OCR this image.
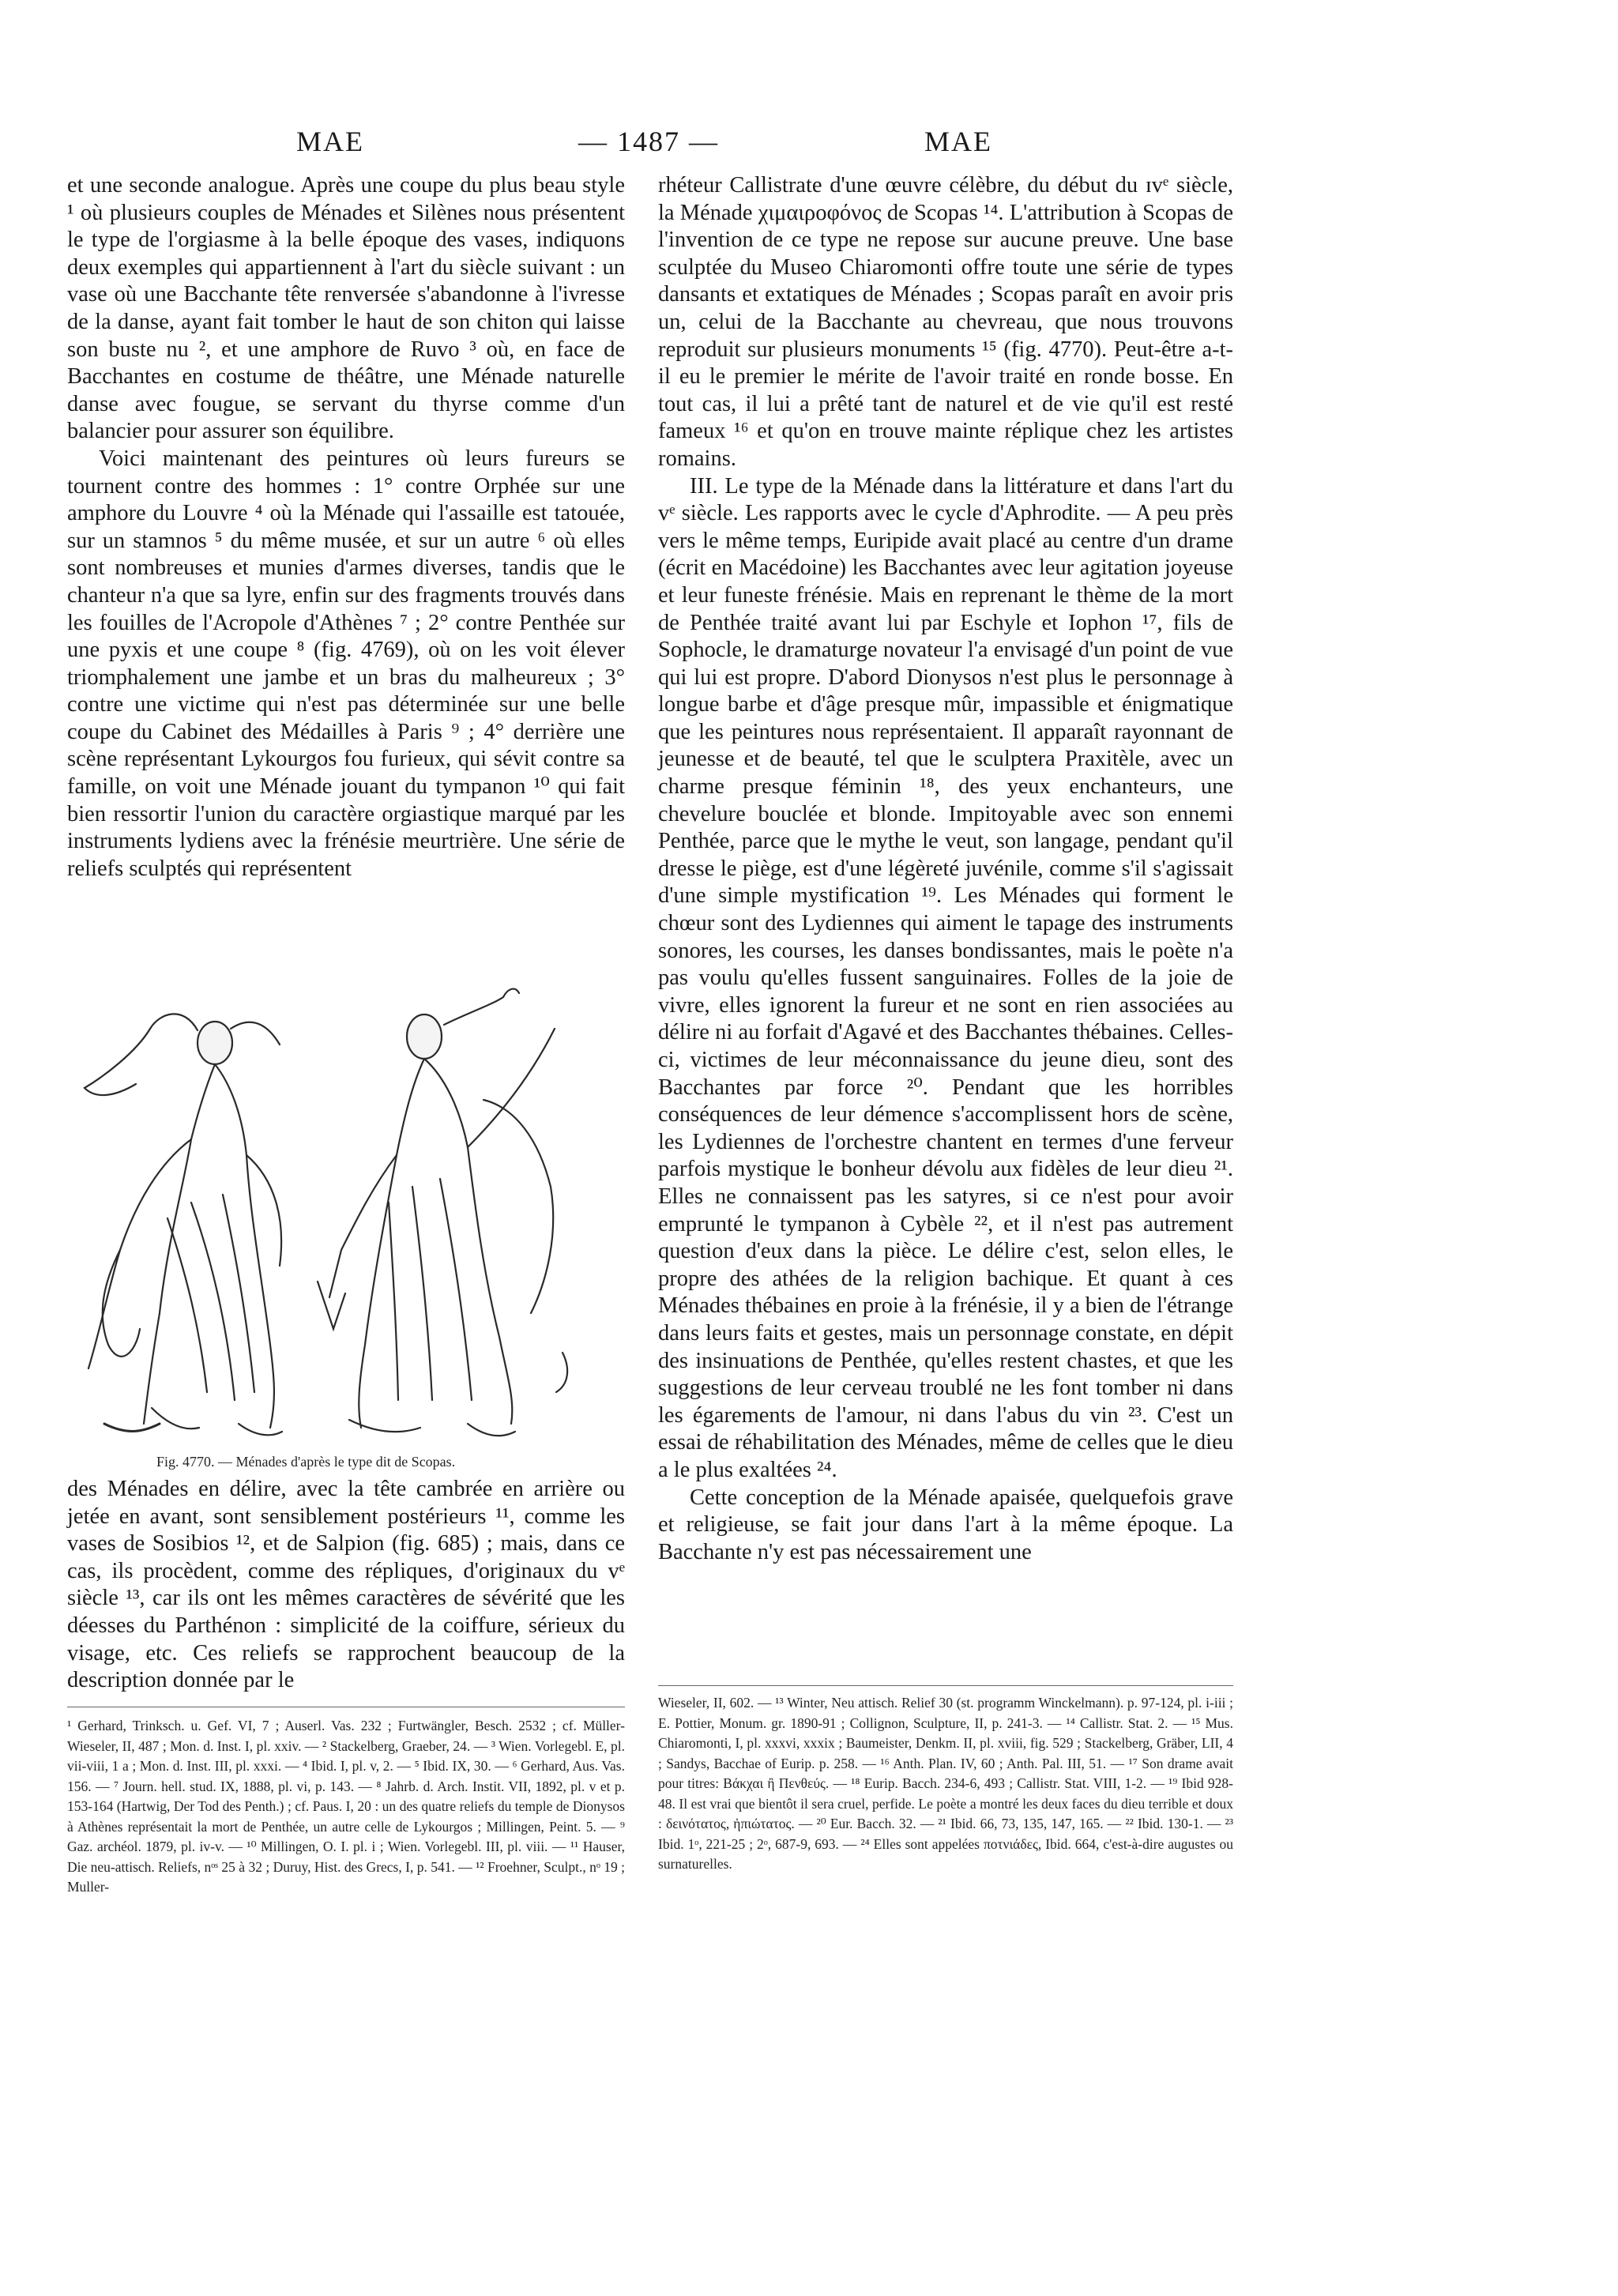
MAE	— 1487 —	MAE

et une seconde analogue. Après une coupe du plus beau style ¹ où plusieurs couples de Ménades et Silènes nous présentent le type de l'orgiasme à la belle époque des vases, indiquons deux exemples qui appartiennent à l'art du siècle suivant : un vase où une Bacchante tête renversée s'abandonne à l'ivresse de la danse, ayant fait tomber le haut de son chiton qui laisse son buste nu ², et une amphore de Ruvo ³ où, en face de Bacchantes en costume de théâtre, une Ménade naturelle danse avec fougue, se servant du thyrse comme d'un balancier pour assurer son équilibre.

Voici maintenant des peintures où leurs fureurs se tournent contre des hommes : 1° contre Orphée sur une amphore du Louvre ⁴ où la Ménade qui l'assaille est tatouée, sur un stamnos ⁵ du même musée, et sur un autre ⁶ où elles sont nombreuses et munies d'armes diverses, tandis que le chanteur n'a que sa lyre, enfin sur des fragments trouvés dans les fouilles de l'Acropole d'Athènes ⁷ ; 2° contre Penthée sur une pyxis et une coupe ⁸ (fig. 4769), où on les voit élever triomphalement une jambe et un bras du malheureux ; 3° contre une victime qui n'est pas déterminée sur une belle coupe du Cabinet des Médailles à Paris ⁹ ; 4° derrière une scène représentant Lykourgos fou furieux, qui sévit contre sa famille, on voit une Ménade jouant du tympanon ¹⁰ qui fait bien ressortir l'union du caractère orgiastique marqué par les instruments lydiens avec la frénésie meurtrière. Une série de reliefs sculptés qui représentent

Fig. 4770. — Ménades d'après le type dit de Scopas.

des Ménades en délire, avec la tête cambrée en arrière ou jetée en avant, sont sensiblement postérieurs ¹¹, comme les vases de Sosibios ¹², et de Salpion (fig. 685) ; mais, dans ce cas, ils procèdent, comme des répliques, d'originaux du vᵉ siècle ¹³, car ils ont les mêmes caractères de sévérité que les déesses du Parthénon : simplicité de la coiffure, sérieux du visage, etc. Ces reliefs se rapprochent beaucoup de la description donnée par le

¹ Gerhard, Trinksch. u. Gef. VI, 7 ; Auserl. Vas. 232 ; Furtwängler, Besch. 2532 ; cf. Müller-Wieseler, II, 487 ; Mon. d. Inst. I, pl. xxiv. — ² Stackelberg, Graeber, 24. — ³ Wien. Vorlegebl. E, pl. vii-viii, 1 a ; Mon. d. Inst. III, pl. xxxi. — ⁴ Ibid. I, pl. v, 2. — ⁵ Ibid. IX, 30. — ⁶ Gerhard, Aus. Vas. 156. — ⁷ Journ. hell. stud. IX, 1888, pl. vi, p. 143. — ⁸ Jahrb. d. Arch. Instit. VII, 1892, pl. v et p. 153-164 (Hartwig, Der Tod des Penth.) ; cf. Paus. I, 20 : un des quatre reliefs du temple de Dionysos à Athènes représentait la mort de Penthée, un autre celle de Lykourgos ; Millingen, Peint. 5. — ⁹ Gaz. archéol. 1879, pl. iv-v. — ¹⁰ Millingen, O. I. pl. i ; Wien. Vorlegebl. III, pl. viii. — ¹¹ Hauser, Die neu-attisch. Reliefs, nᵒˢ 25 à 32 ; Duruy, Hist. des Grecs, I, p. 541. — ¹² Froehner, Sculpt., nᵒ 19 ; Muller-

rhéteur Callistrate d'une œuvre célèbre, du début du ɪvᵉ siècle, la Ménade χιμαιροφόνος de Scopas ¹⁴. L'attribution à Scopas de l'invention de ce type ne repose sur aucune preuve. Une base sculptée du Museo Chiaromonti offre toute une série de types dansants et extatiques de Ménades ; Scopas paraît en avoir pris un, celui de la Bacchante au chevreau, que nous trouvons reproduit sur plusieurs monuments ¹⁵ (fig. 4770). Peut-être a-t-il eu le premier le mérite de l'avoir traité en ronde bosse. En tout cas, il lui a prêté tant de naturel et de vie qu'il est resté fameux ¹⁶ et qu'on en trouve mainte réplique chez les artistes romains.

III. Le type de la Ménade dans la littérature et dans l'art du vᵉ siècle. Les rapports avec le cycle d'Aphrodite. — A peu près vers le même temps, Euripide avait placé au centre d'un drame (écrit en Macédoine) les Bacchantes avec leur agitation joyeuse et leur funeste frénésie. Mais en reprenant le thème de la mort de Penthée traité avant lui par Eschyle et Iophon ¹⁷, fils de Sophocle, le dramaturge novateur l'a envisagé d'un point de vue qui lui est propre. D'abord Dionysos n'est plus le personnage à longue barbe et d'âge presque mûr, impassible et énigmatique que les peintures nous représentaient. Il apparaît rayonnant de jeunesse et de beauté, tel que le sculptera Praxitèle, avec un charme presque féminin ¹⁸, des yeux enchanteurs, une chevelure bouclée et blonde. Impitoyable avec son ennemi Penthée, parce que le mythe le veut, son langage, pendant qu'il dresse le piège, est d'une légèreté juvénile, comme s'il s'agissait d'une simple mystification ¹⁹. Les Ménades qui forment le chœur sont des Lydiennes qui aiment le tapage des instruments sonores, les courses, les danses bondissantes, mais le poète n'a pas voulu qu'elles fussent sanguinaires. Folles de la joie de vivre, elles ignorent la fureur et ne sont en rien associées au délire ni au forfait d'Agavé et des Bacchantes thébaines. Celles-ci, victimes de leur méconnaissance du jeune dieu, sont des Bacchantes par force ²⁰. Pendant que les horribles conséquences de leur démence s'accomplissent hors de scène, les Lydiennes de l'orchestre chantent en termes d'une ferveur parfois mystique le bonheur dévolu aux fidèles de leur dieu ²¹. Elles ne connaissent pas les satyres, si ce n'est pour avoir emprunté le tympanon à Cybèle ²², et il n'est pas autrement question d'eux dans la pièce. Le délire c'est, selon elles, le propre des athées de la religion bachique. Et quant à ces Ménades thébaines en proie à la frénésie, il y a bien de l'étrange dans leurs faits et gestes, mais un personnage constate, en dépit des insinuations de Penthée, qu'elles restent chastes, et que les suggestions de leur cerveau troublé ne les font tomber ni dans les égarements de l'amour, ni dans l'abus du vin ²³. C'est un essai de réhabilitation des Ménades, même de celles que le dieu a le plus exaltées ²⁴.

Cette conception de la Ménade apaisée, quelquefois grave et religieuse, se fait jour dans l'art à la même époque. La Bacchante n'y est pas nécessairement une

Wieseler, II, 602. — ¹³ Winter, Neu attisch. Relief 30 (st. programm Winckelmann). p. 97-124, pl. i-iii ; E. Pottier, Monum. gr. 1890-91 ; Collignon, Sculpture, II, p. 241-3. — ¹⁴ Callistr. Stat. 2. — ¹⁵ Mus. Chiaromonti, I, pl. xxxvi, xxxix ; Baumeister, Denkm. II, pl. xviii, fig. 529 ; Stackelberg, Gräber, LII, 4 ; Sandys, Bacchae of Eurip. p. 258. — ¹⁶ Anth. Plan. IV, 60 ; Anth. Pal. III, 51. — ¹⁷ Son drame avait pour titres: Βάκχαι ἢ Πενθεύς. — ¹⁸ Eurip. Bacch. 234-6, 493 ; Callistr. Stat. VIII, 1-2. — ¹⁹ Ibid 928-48. Il est vrai que bientôt il sera cruel, perfide. Le poète a montré les deux faces du dieu terrible et doux : δεινότατος, ἠπιώτατος. — ²⁰ Eur. Bacch. 32. — ²¹ Ibid. 66, 73, 135, 147, 165. — ²² Ibid. 130-1. — ²³ Ibid. 1ᵒ, 221-25 ; 2ᵒ, 687-9, 693. — ²⁴ Elles sont appelées ποτνιάδες, Ibid. 664, c'est-à-dire augustes ou surnaturelles.
